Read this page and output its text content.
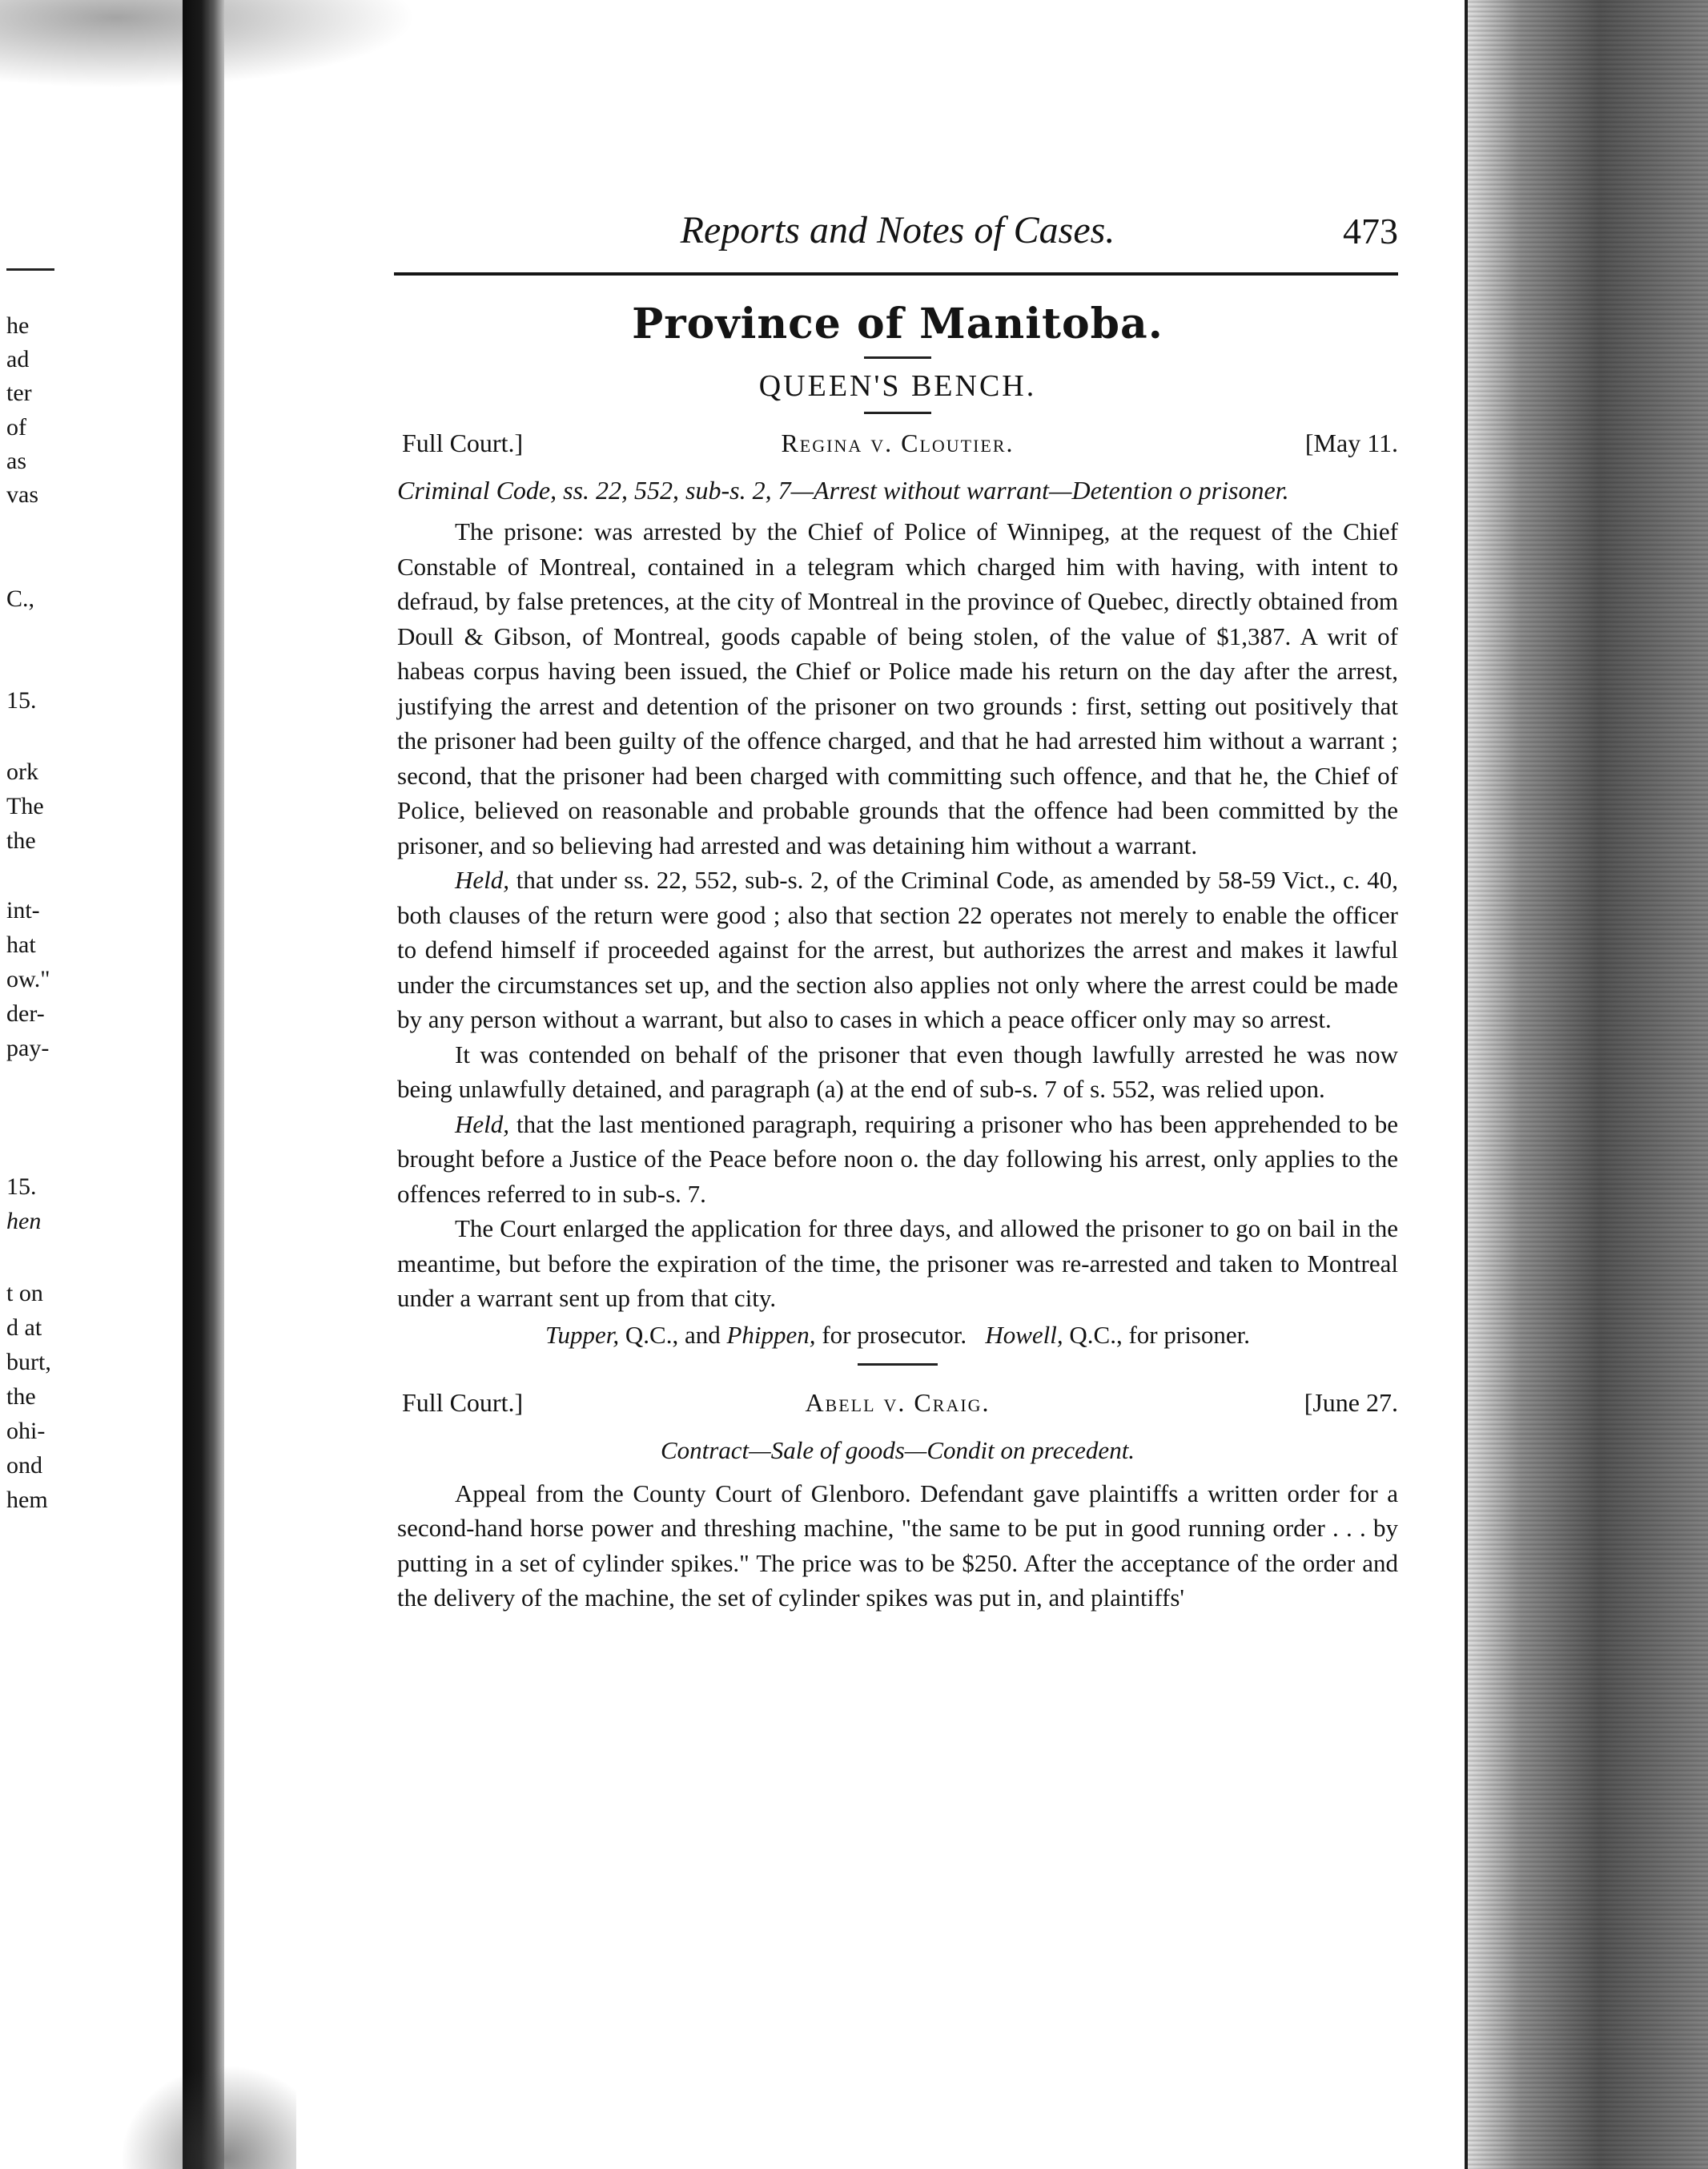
he
ad
ter
of
as
vas
C.,
15.
ork
The
the
int-
hat
ow."
der-
pay-
15.
hen
t on
d at
burt,
the
ohi-
ond
hem
Reports and Notes of Cases.	473
Province of Manitoba.
QUEEN'S BENCH.
Full Court.]	Regina v. Cloutier.	[May 11.
Criminal Code, ss. 22, 552, sub-s. 2, 7—Arrest without warrant—Detention o prisoner.

The prisone: was arrested by the Chief of Police of Winnipeg, at the request of the Chief Constable of Montreal, contained in a telegram which charged him with having, with intent to defraud, by false pretences, at the city of Montreal in the province of Quebec, directly obtained from Doull & Gibson, of Montreal, goods capable of being stolen, of the value of $1,387. A writ of habeas corpus having been issued, the Chief or Police made his return on the day after the arrest, justifying the arrest and detention of the prisoner on two grounds : first, setting out positively that the prisoner had been guilty of the offence charged, and that he had arrested him without a warrant ; second, that the prisoner had been charged with committing such offence, and that he, the Chief of Police, believed on reasonable and probable grounds that the offence had been committed by the prisoner, and so believing had arrested and was detaining him without a warrant.

Held, that under ss. 22, 552, sub-s. 2, of the Criminal Code, as amended by 58-59 Vict., c. 40, both clauses of the return were good ; also that section 22 operates not merely to enable the officer to defend himself if proceeded against for the arrest, but authorizes the arrest and makes it lawful under the circumstances set up, and the section also applies not only where the arrest could be made by any person without a warrant, but also to cases in which a peace officer only may so arrest.

It was contended on behalf of the prisoner that even though lawfully arrested he was now being unlawfully detained, and paragraph (a) at the end of sub-s. 7 of s. 552, was relied upon.

Held, that the last mentioned paragraph, requiring a prisoner who has been apprehended to be brought before a Justice of the Peace before noon o. the day following his arrest, only applies to the offences referred to in sub-s. 7.

The Court enlarged the application for three days, and allowed the prisoner to go on bail in the meantime, but before the expiration of the time, the prisoner was re-arrested and taken to Montreal under a warrant sent up from that city.

Tupper, Q.C., and Phippen, for prosecutor. Howell, Q.C., for prisoner.

Full Court.]	Abell v. Craig.	[June 27.
Contract—Sale of goods—Condit on precedent.

Appeal from the County Court of Glenboro. Defendant gave plaintiffs a written order for a second-hand horse power and threshing machine, "the same to be put in good running order . . . by putting in a set of cylinder spikes." The price was to be $250. After the acceptance of the order and the delivery of the machine, the set of cylinder spikes was put in, and plaintiffs'
